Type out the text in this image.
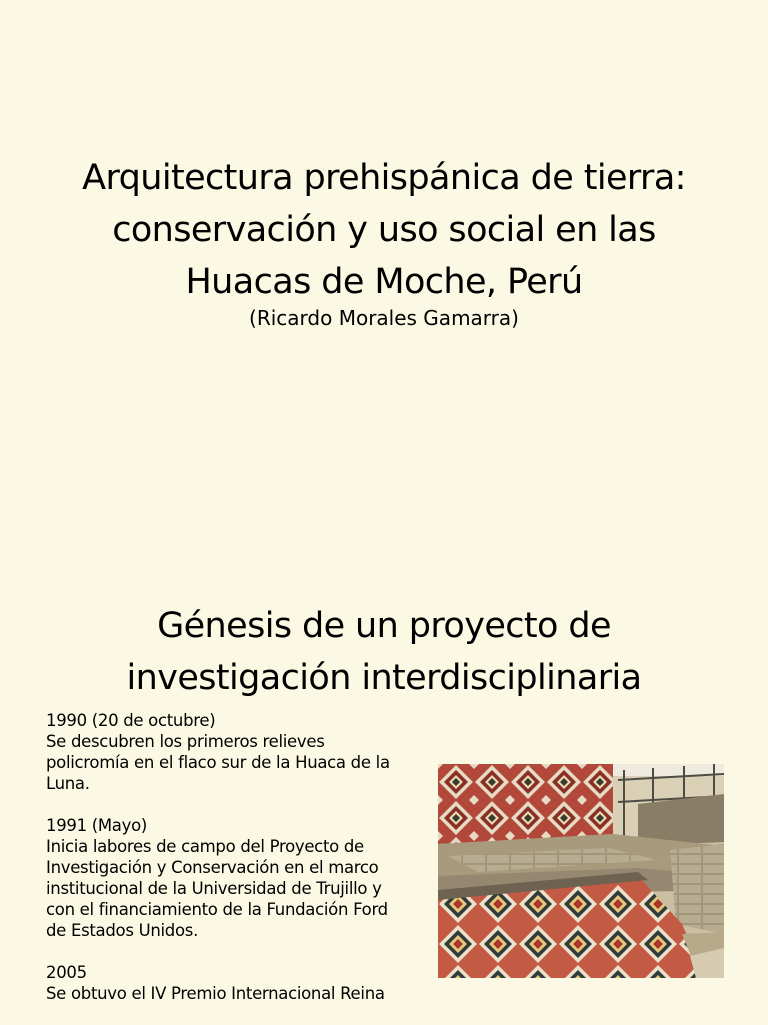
Arquitectura prehispánica de tierra:
conservación y uso social en las
Huacas de Moche, Perú
(Ricardo Morales Gamarra)
Génesis de un proyecto de
investigación interdisciplinaria
1990 (20 de octubre)
Se descubren los primeros relieves
policromía en el flaco sur de la Huaca de la
Luna.
1991 (Mayo)
Inicia labores de campo del Proyecto de
Investigación y Conservación en el marco
institucional de la Universidad de Trujillo y
con el financiamiento de la Fundación Ford
de Estados Unidos.
2005
Se obtuvo el IV Premio Internacional Reina
